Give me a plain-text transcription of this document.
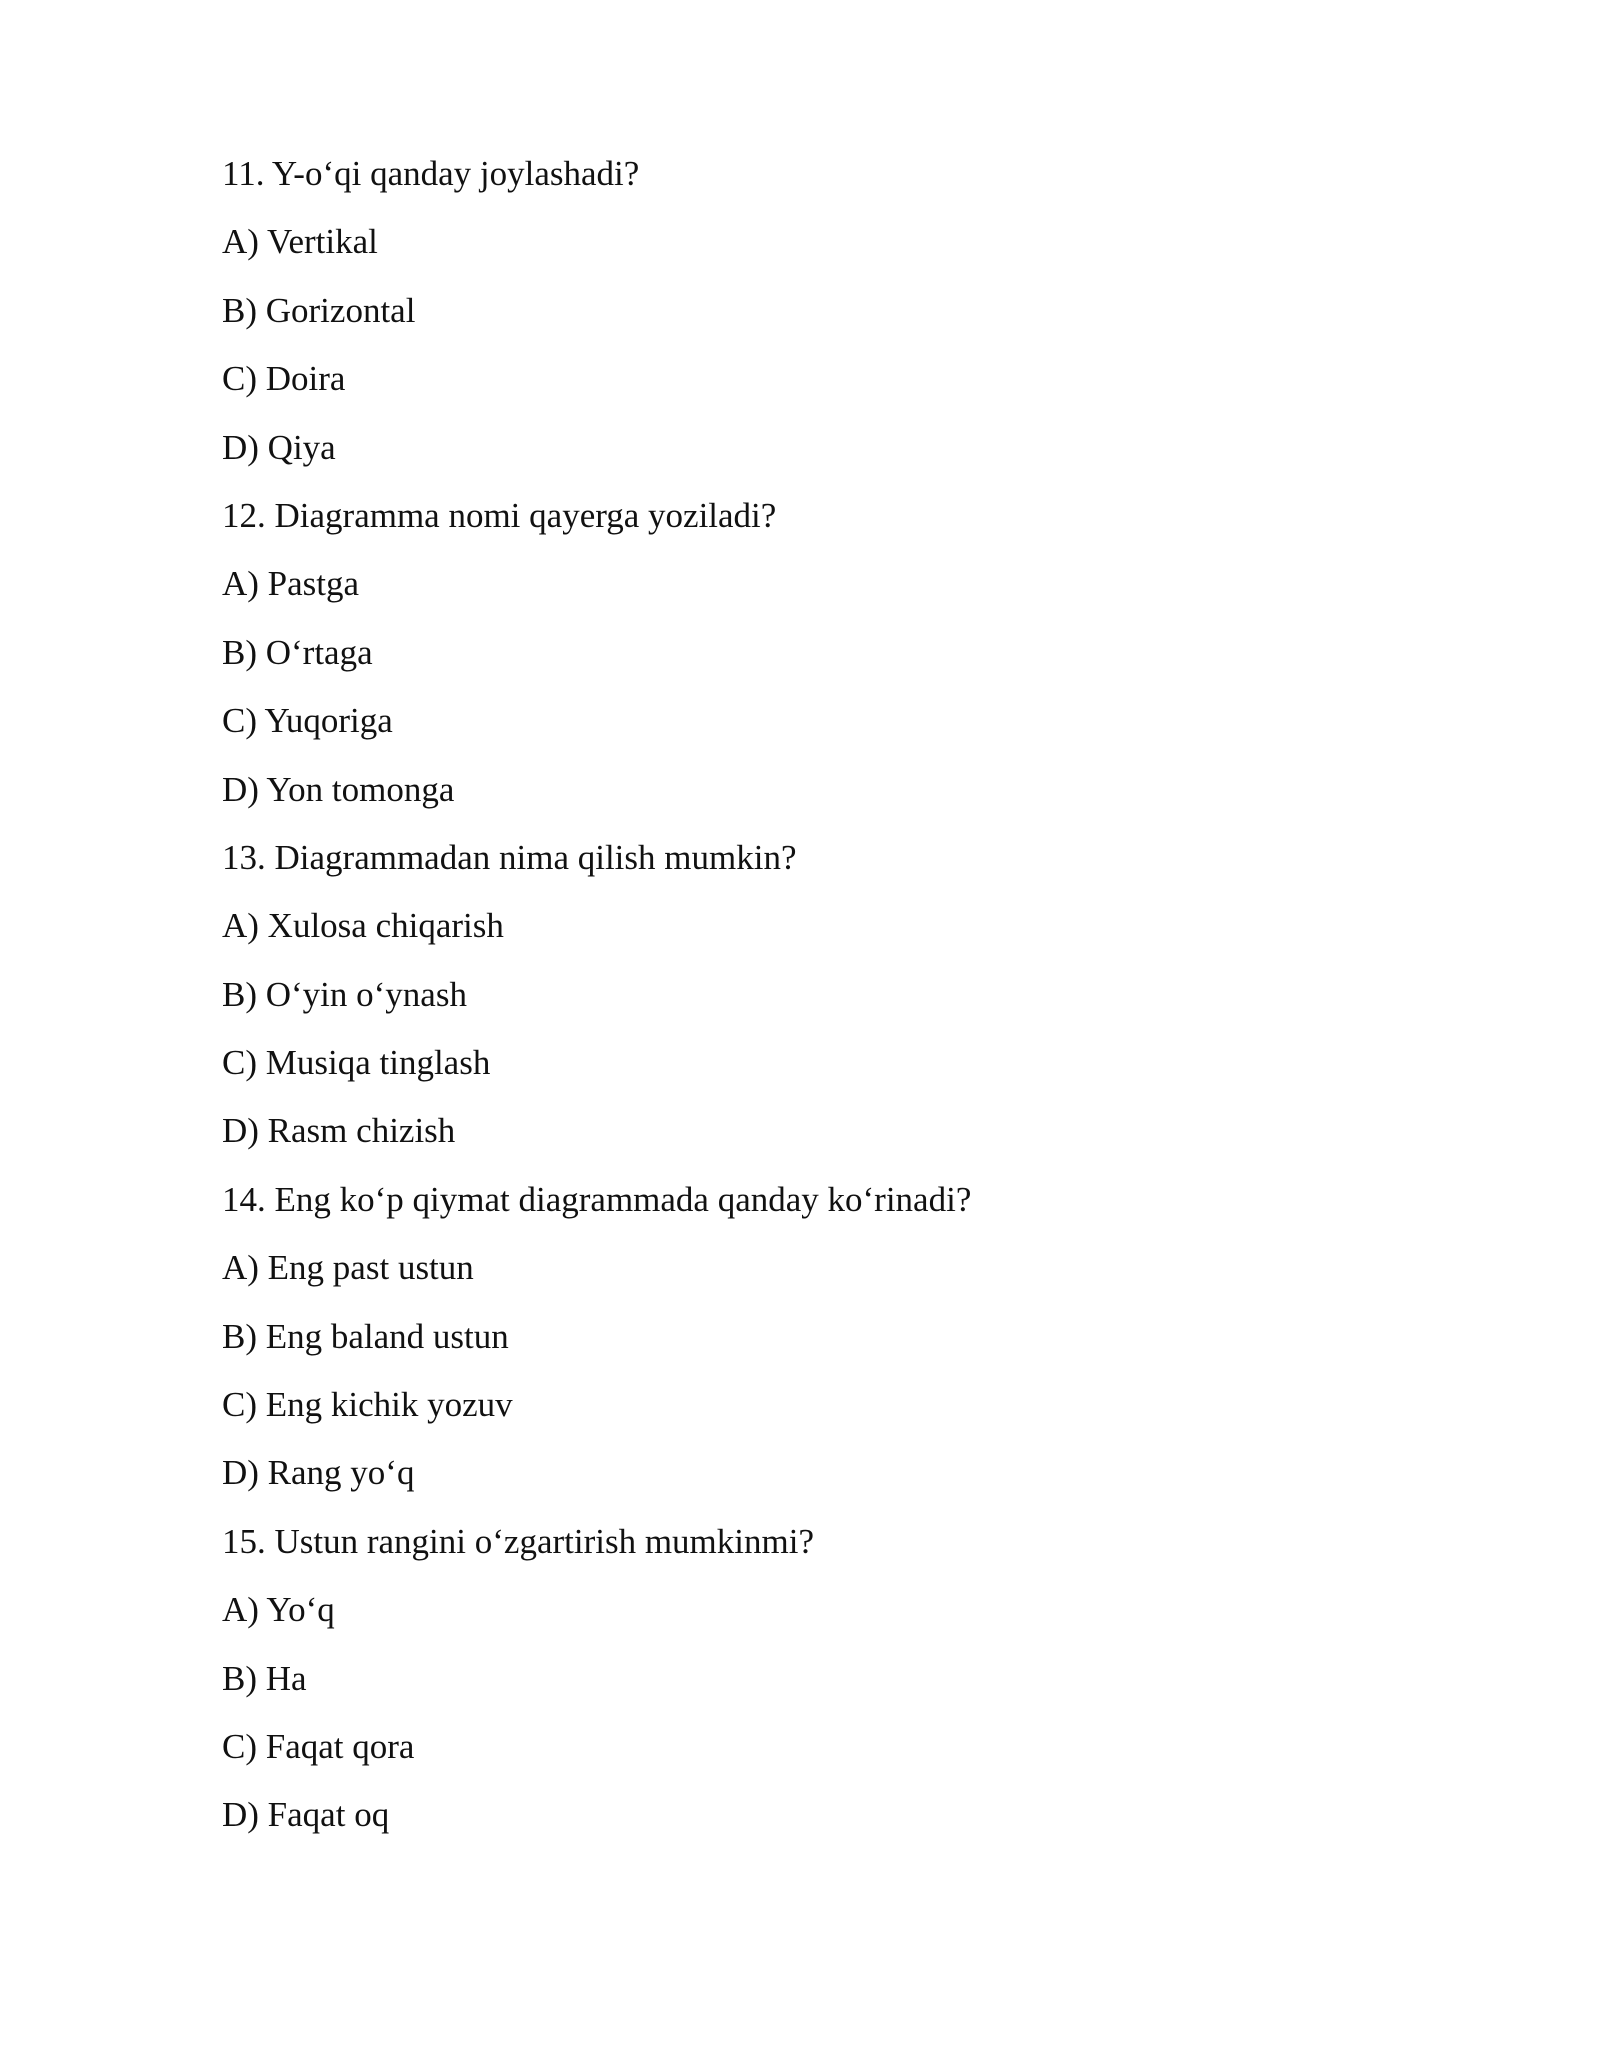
11. Y-o‘qi qanday joylashadi?
A) Vertikal
B) Gorizontal
C) Doira
D) Qiya
12. Diagramma nomi qayerga yoziladi?
A) Pastga
B) O‘rtaga
C) Yuqoriga
D) Yon tomonga
13. Diagrammadan nima qilish mumkin?
A) Xulosa chiqarish
B) O‘yin o‘ynash
C) Musiqa tinglash
D) Rasm chizish
14. Eng ko‘p qiymat diagrammada qanday ko‘rinadi?
A) Eng past ustun
B) Eng baland ustun
C) Eng kichik yozuv
D) Rang yo‘q
15. Ustun rangini o‘zgartirish mumkinmi?
A) Yo‘q
B) Ha
C) Faqat qora
D) Faqat oq
